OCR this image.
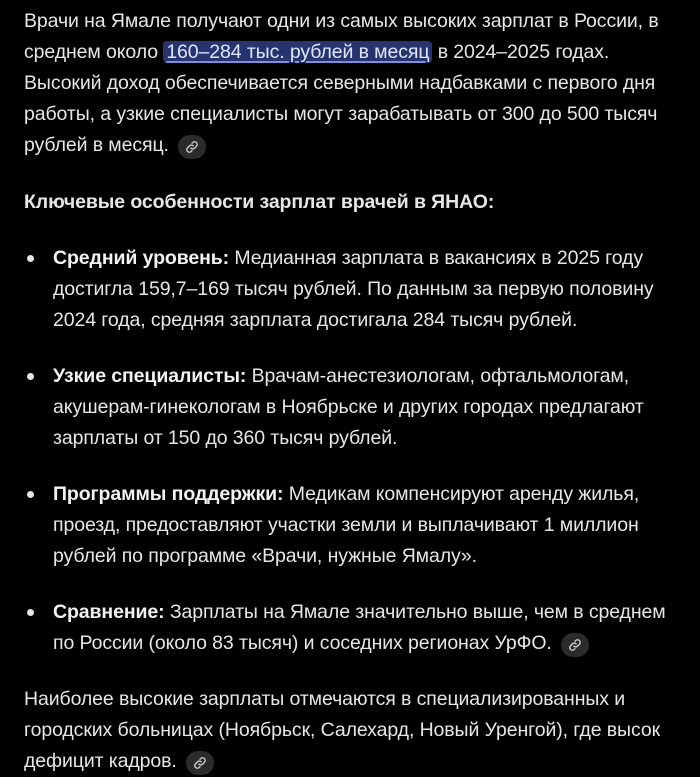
Врачи на Ямале получают одни из самых высоких зарплат в России, в среднем около 160–284 тыс. рублей в месяц в 2024–2025 годах. Высокий доход обеспечивается северными надбавками с первого дня работы, а узкие специалисты могут зарабатывать от 300 до 500 тысяч рублей в месяц.

Ключевые особенности зарплат врачей в ЯНАО:

Средний уровень: Медианная зарплата в вакансиях в 2025 году достигла 159,7–169 тысяч рублей. По данным за первую половину 2024 года, средняя зарплата достигала 284 тысяч рублей.
Узкие специалисты: Врачам-анестезиологам, офтальмологам, акушерам-гинекологам в Ноябрьске и других городах предлагают зарплаты от 150 до 360 тысяч рублей.
Программы поддержки: Медикам компенсируют аренду жилья, проезд, предоставляют участки земли и выплачивают 1 миллион рублей по программе «Врачи, нужные Ямалу».
Сравнение: Зарплаты на Ямале значительно выше, чем в среднем по России (около 83 тысяч) и соседних регионах УрФО.

Наиболее высокие зарплаты отмечаются в специализированных и городских больницах (Ноябрьск, Салехард, Новый Уренгой), где высок дефицит кадров.
